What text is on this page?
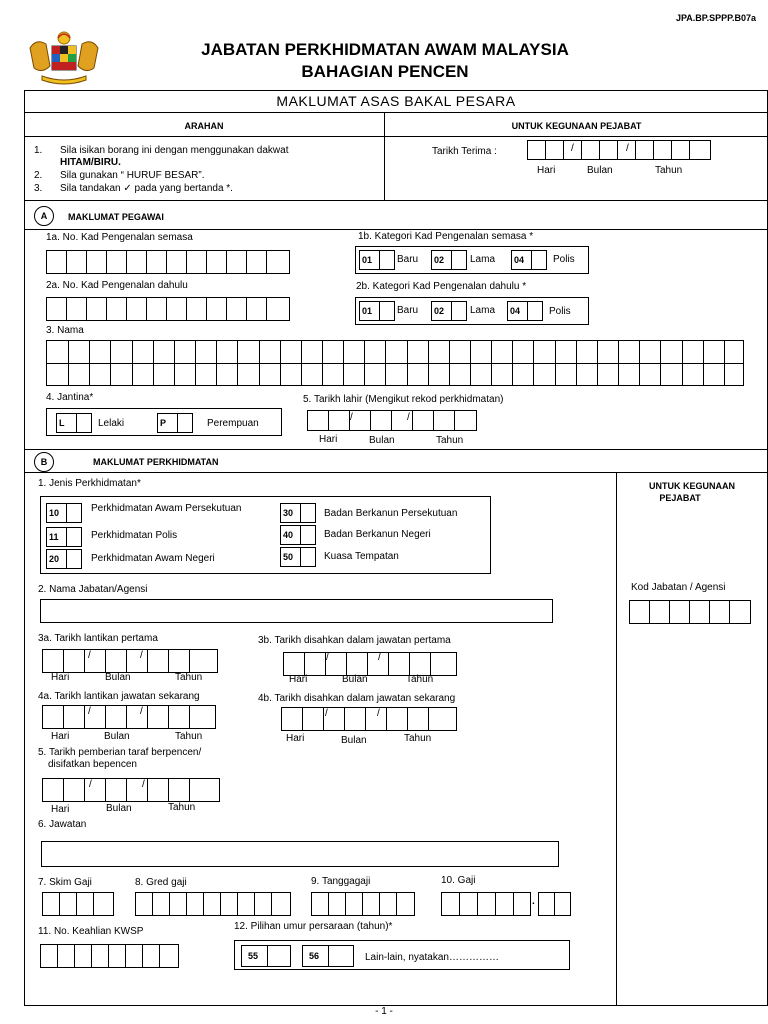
JPA.BP.SPPP.B07a
JABATAN PERKHIDMATAN AWAM MALAYSIA
BAHAGIAN PENCEN
MAKLUMAT ASAS BAKAL PESARA
ARAHAN	UNTUK KEGUNAAN PEJABAT
1. Sila isikan borang ini dengan menggunakan dakwat
HITAM/BIRU.
2. Sila gunakan “ HURUF BESAR”.
3. Sila tandakan ✓ pada yang bertanda *.
Tarikh Terima :	/	/
Hari	Bulan	Tahun
A	MAKLUMAT PEGAWAI
1a. No. Kad Pengenalan semasa	1b. Kategori Kad Pengenalan semasa *
01	Baru 02	Lama 04	Polis
2a. No. Kad Pengenalan dahulu	2b. Kategori Kad Pengenalan dahulu *
01	Baru 02	Lama 04	Polis
3. Nama
4. Jantina*
L	Lelaki	P	Perempuan
5. Tarikh lahir (Mengikut rekod perkhidmatan)
/	/
Hari	Bulan	Tahun
B	MAKLUMAT PERKHIDMATAN
UNTUK KEGUNAAN
PEJABAT
Kod Jabatan / Agensi
1. Jenis Perkhidmatan*
10	Perkhidmatan Awam Persekutuan
11	Perkhidmatan Polis
20	Perkhidmatan Awam Negeri
30	Badan Berkanun Persekutuan
40	Badan Berkanun Negeri
50	Kuasa Tempatan
2. Nama Jabatan/Agensi
3a. Tarikh lantikan pertama
/	/
Hari	Bulan	Tahun
3b. Tarikh disahkan dalam jawatan pertama
/	/
Hari	Bulan	Tahun
4a. Tarikh lantikan jawatan sekarang
/	/
Hari	Bulan	Tahun
4b. Tarikh disahkan dalam jawatan sekarang
/	/
Hari	Bulan	Tahun
5. Tarikh pemberian taraf berpencen/
disifatkan bepencen
/	/
Hari	Bulan	Tahun
6. Jawatan
7. Skim Gaji	8. Gred gaji	9. Tanggagaji	10. Gaji
.
11. No. Keahlian KWSP	12. Pilihan umur persaraan (tahun)*
55	56	Lain-lain, nyatakan……………
- 1 -
